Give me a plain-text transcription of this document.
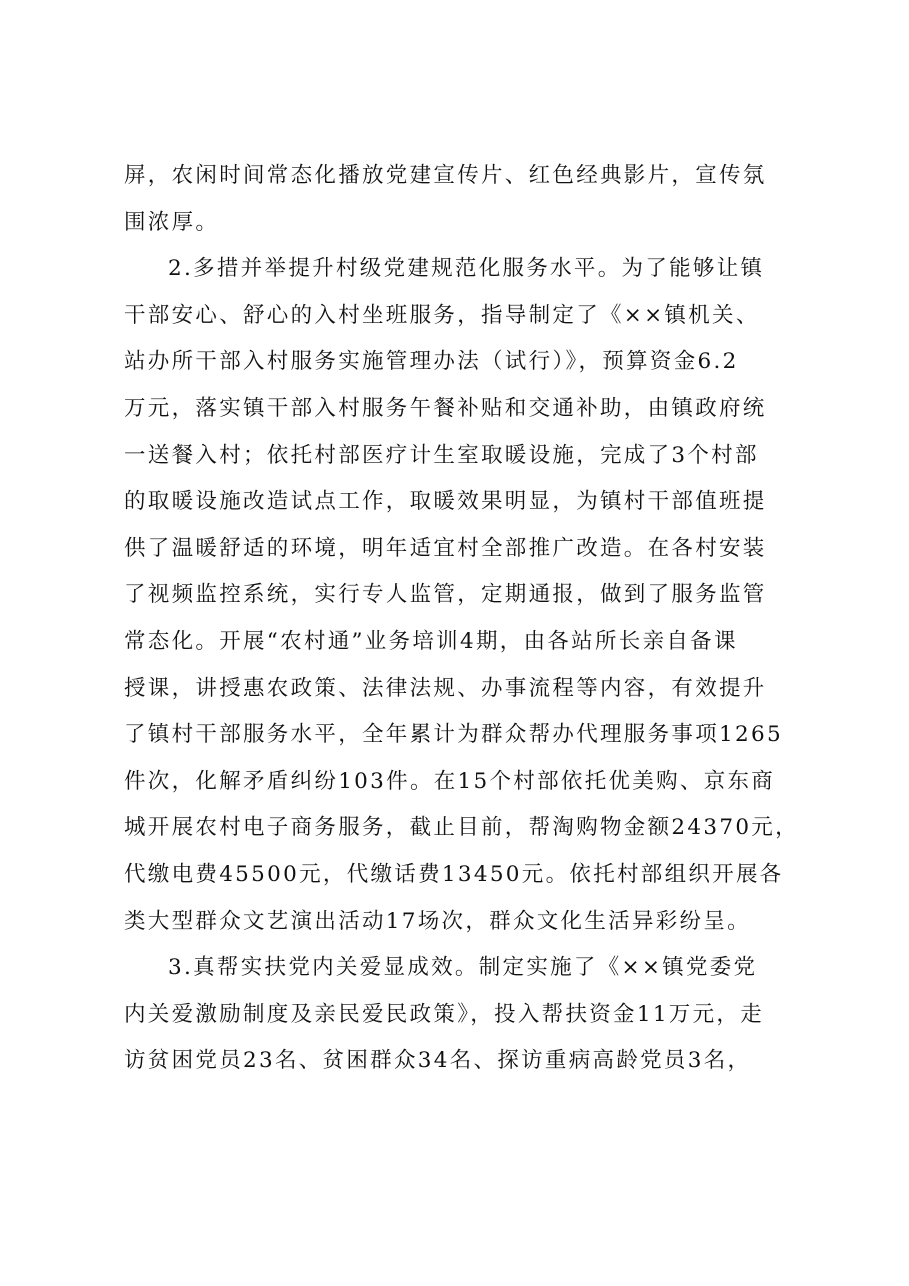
屏，农闲时间常态化播放党建宣传片、红色经典影片，宣传氛
围浓厚。
2.多措并举提升村级党建规范化服务水平。为了能够让镇
干部安心、舒心的入村坐班服务，指导制定了《××镇机关、
站办所干部入村服务实施管理办法（试行）》，预算资金6.2
万元，落实镇干部入村服务午餐补贴和交通补助，由镇政府统
一送餐入村；依托村部医疗计生室取暖设施，完成了3个村部
的取暖设施改造试点工作，取暖效果明显，为镇村干部值班提
供了温暖舒适的环境，明年适宜村全部推广改造。在各村安装
了视频监控系统，实行专人监管，定期通报，做到了服务监管
常态化。开展“农村通”业务培训4期，由各站所长亲自备课
授课，讲授惠农政策、法律法规、办事流程等内容，有效提升
了镇村干部服务水平，全年累计为群众帮办代理服务事项1265
件次，化解矛盾纠纷103件。在15个村部依托优美购、京东商
城开展农村电子商务服务，截止目前，帮淘购物金额24370元，
代缴电费45500元，代缴话费13450元。依托村部组织开展各
类大型群众文艺演出活动17场次，群众文化生活异彩纷呈。
3.真帮实扶党内关爱显成效。制定实施了《××镇党委党
内关爱激励制度及亲民爱民政策》，投入帮扶资金11万元，走
访贫困党员23名、贫困群众34名、探访重病高龄党员3名，
